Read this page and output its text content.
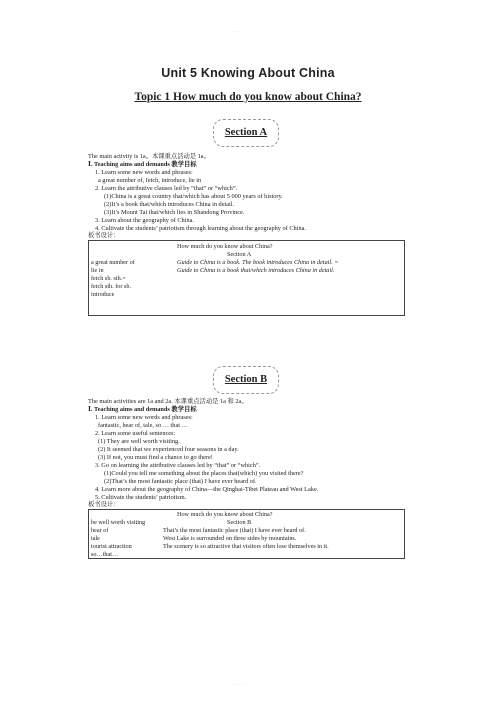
· · · · ·
Unit 5 Knowing About China
Topic 1 How much do you know about China?
Section A
The main activity is 1a。本课重点活动是 1a。
Ⅰ. Teaching aims and demands 教学目标
1. Learn some new words and phrases:
a great number of, fetch, introduce, lie in
2. Learn the attributive clauses led by “that” or “which”.
(1)China is a great country that/which has about 5 000 years of history.
(2)It’s a book that/which introduces China in detail.
(3)It’s Mount Tai that/which lies in Shandong Province.
3. Learn about the geography of China.
4. Cultivate the students’ patriotism through learning about the geography of China.
板书设计：
How much do you know about China?
Section A
a great number of
lie in
fetch sb. sth.=
fetch sth. for sb.
introduce
Guide to China is a book. The book introduces China in detail. =
Guide to China is a book that/which introduces China in detail.
Section B
The main activities are 1a and 2a. 本课重点活动是 1a 和 2a。
Ⅰ. Teaching aims and demands 教学目标
1. Learn some new words and phrases:
fantastic, hear of, tale, so … that …
2. Learn some useful sentences:
(1) They are well worth visiting.
(2) It seemed that we experienced four seasons in a day.
(3) If not, you must find a chance to go there!
3. Go on learning the attributive clauses led by “that” or “which”.
(1)Could you tell me something about the places that(which) you visited there?
(2)That’s the most fantastic place (that) I have ever heard of.
4. Learn more about the geography of China—the Qinghai-Tibet Plateau and West Lake.
5. Cultivate the students’ patriotism.
板书设计：
How much do you know about China?
Section B
be well worth visiting
hear of
tale
tourist attraction
so…that…
That’s the most fantastic place (that) I have ever heard of.
West Lake is surrounded on three sides by mountains.
The scenery is so attractive that visitors often lose themselves in it.
· · · · ·
